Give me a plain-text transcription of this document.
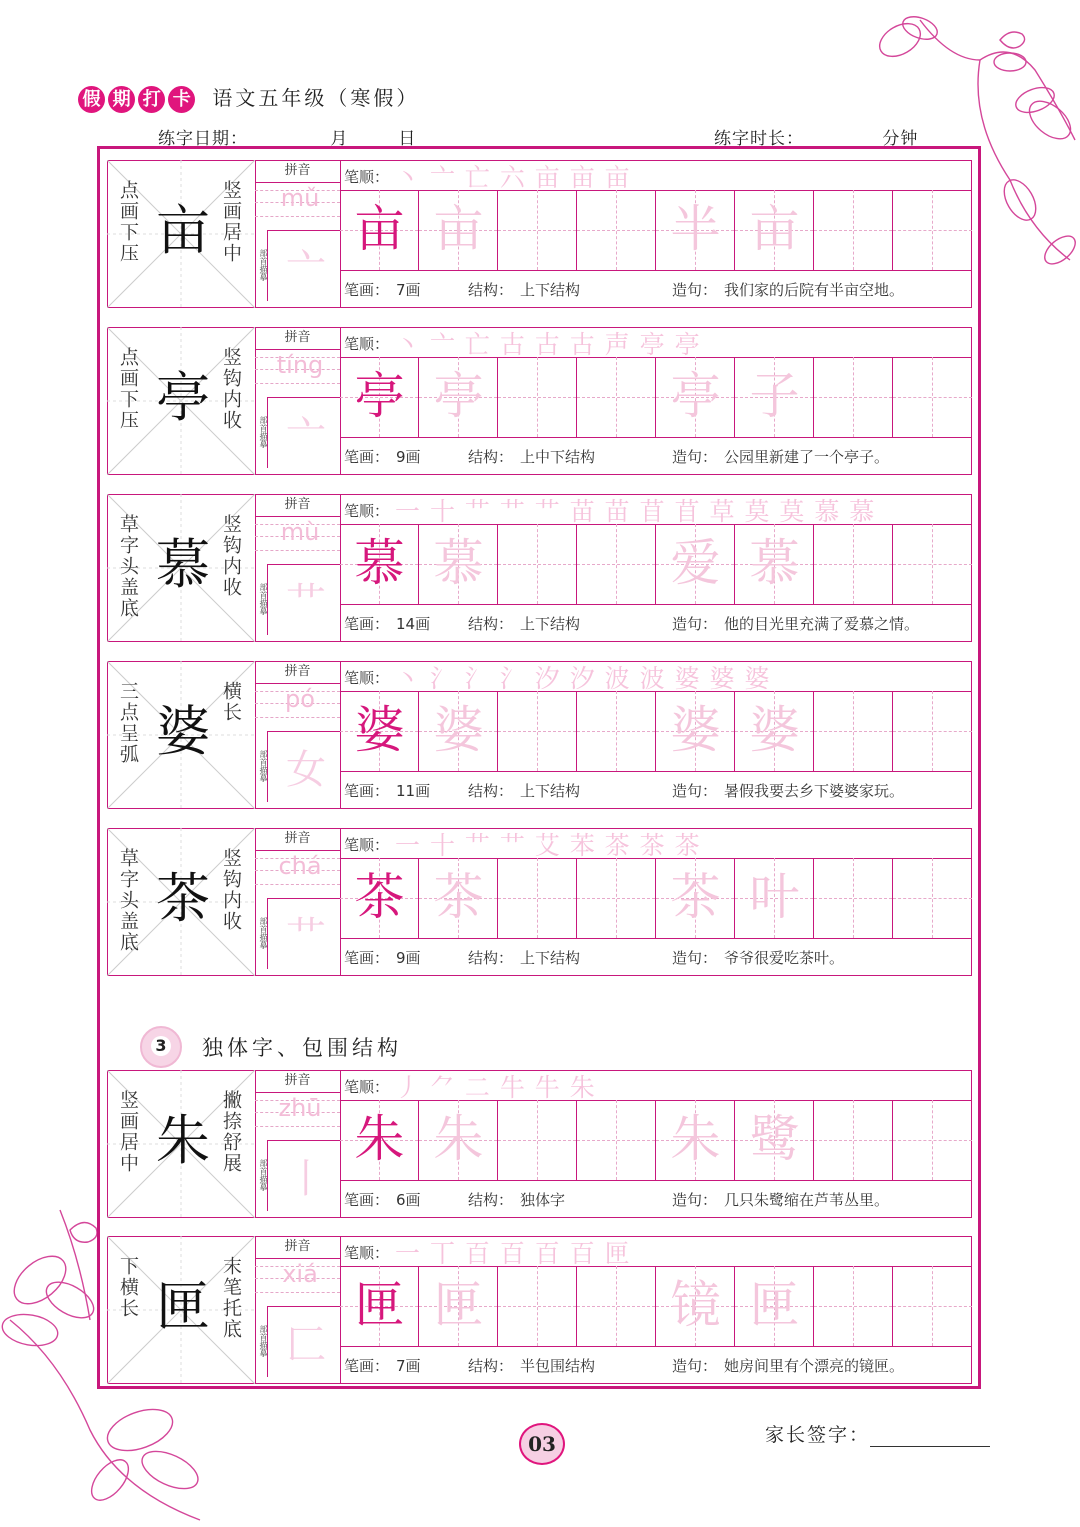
假 期 打 卡 语文五年级（寒假）
练字日期：	月	日	练字时长：	分钟
点画下压 亩 竖画居中
拼音
mǔ
部首描摹 亠
笔顺： 丶 亠 亡 六 亩 亩 亩
亩 亩	半 亩
笔画： 7画	结构： 上下结构	造句： 我们家的后院有半亩空地。
点画下压 亭 竖钩内收
拼音
tíng
部首描摹 亠
笔顺： 丶 亠 亡 古 古 古 声 亭 亭
亭 亭	亭 子
笔画： 9画	结构： 上中下结构	造句： 公园里新建了一个亭子。
草字头盖底 慕 竖钩内收
拼音
mù
部首描摹 艹
笔顺： 一 十 艹 艹 艹 苗 苗 苜 苜 草 莫 莫 慕 慕
慕 慕	爱 慕
笔画： 14画	结构： 上下结构	造句： 他的目光里充满了爱慕之情。
三点呈弧 婆 横长
拼音
pó
部首描摹 女
笔顺： 丶 氵 氵 氵 汐 汐 波 波 婆 婆 婆
婆 婆	婆 婆
笔画： 11画	结构： 上下结构	造句： 暑假我要去乡下婆婆家玩。
草字头盖底 茶 竖钩内收
拼音
chá
部首描摹 艹
笔顺： 一 十 艹 艹 艾 苯 茶 茶 茶
茶 茶	茶 叶
笔画： 9画	结构： 上下结构	造句： 爷爷很爱吃茶叶。
竖画居中 朱 撇捺舒展
拼音
zhū
部首描摹 丨
笔顺： 丿 ⺈ 二 牛 牛 朱
朱 朱	朱 鹭
笔画： 6画	结构： 独体字	造句： 几只朱鹭缩在芦苇丛里。
下横长 匣 末笔托底
拼音
xiá
部首描摹 匚
笔顺： 一 丅 百 百 百 百 匣
匣 匣	镜 匣
笔画： 7画	结构： 半包围结构	造句： 她房间里有个漂亮的镜匣。
3 独体字、包围结构
03	家长签字：
